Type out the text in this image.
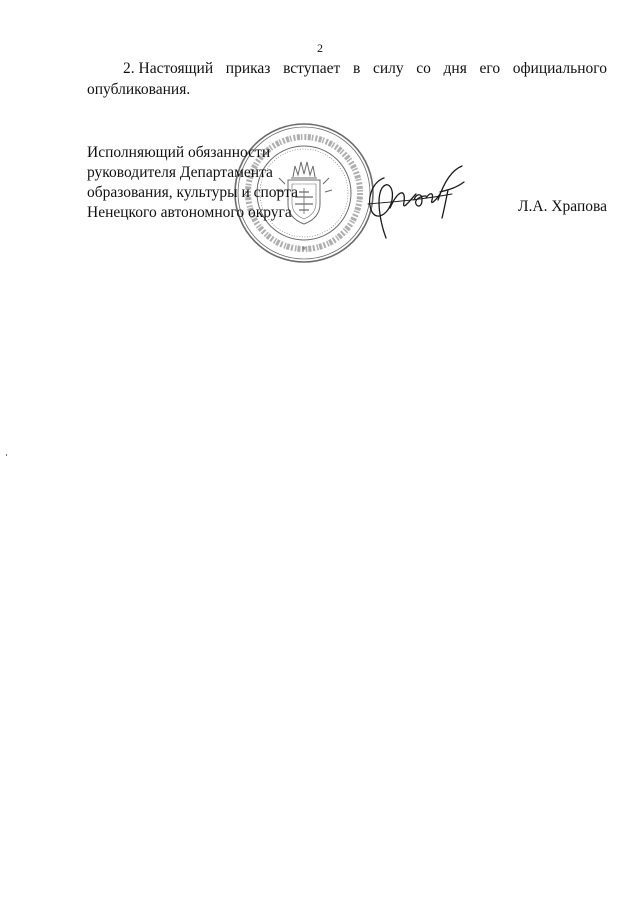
2
2. Настоящий приказ вступает в силу со дня его официального
опубликования.
Исполняющий обязанности
руководителя Департамента
образования, культуры и спорта
Ненецкого автономного округа
*
Л.А. Храпова
